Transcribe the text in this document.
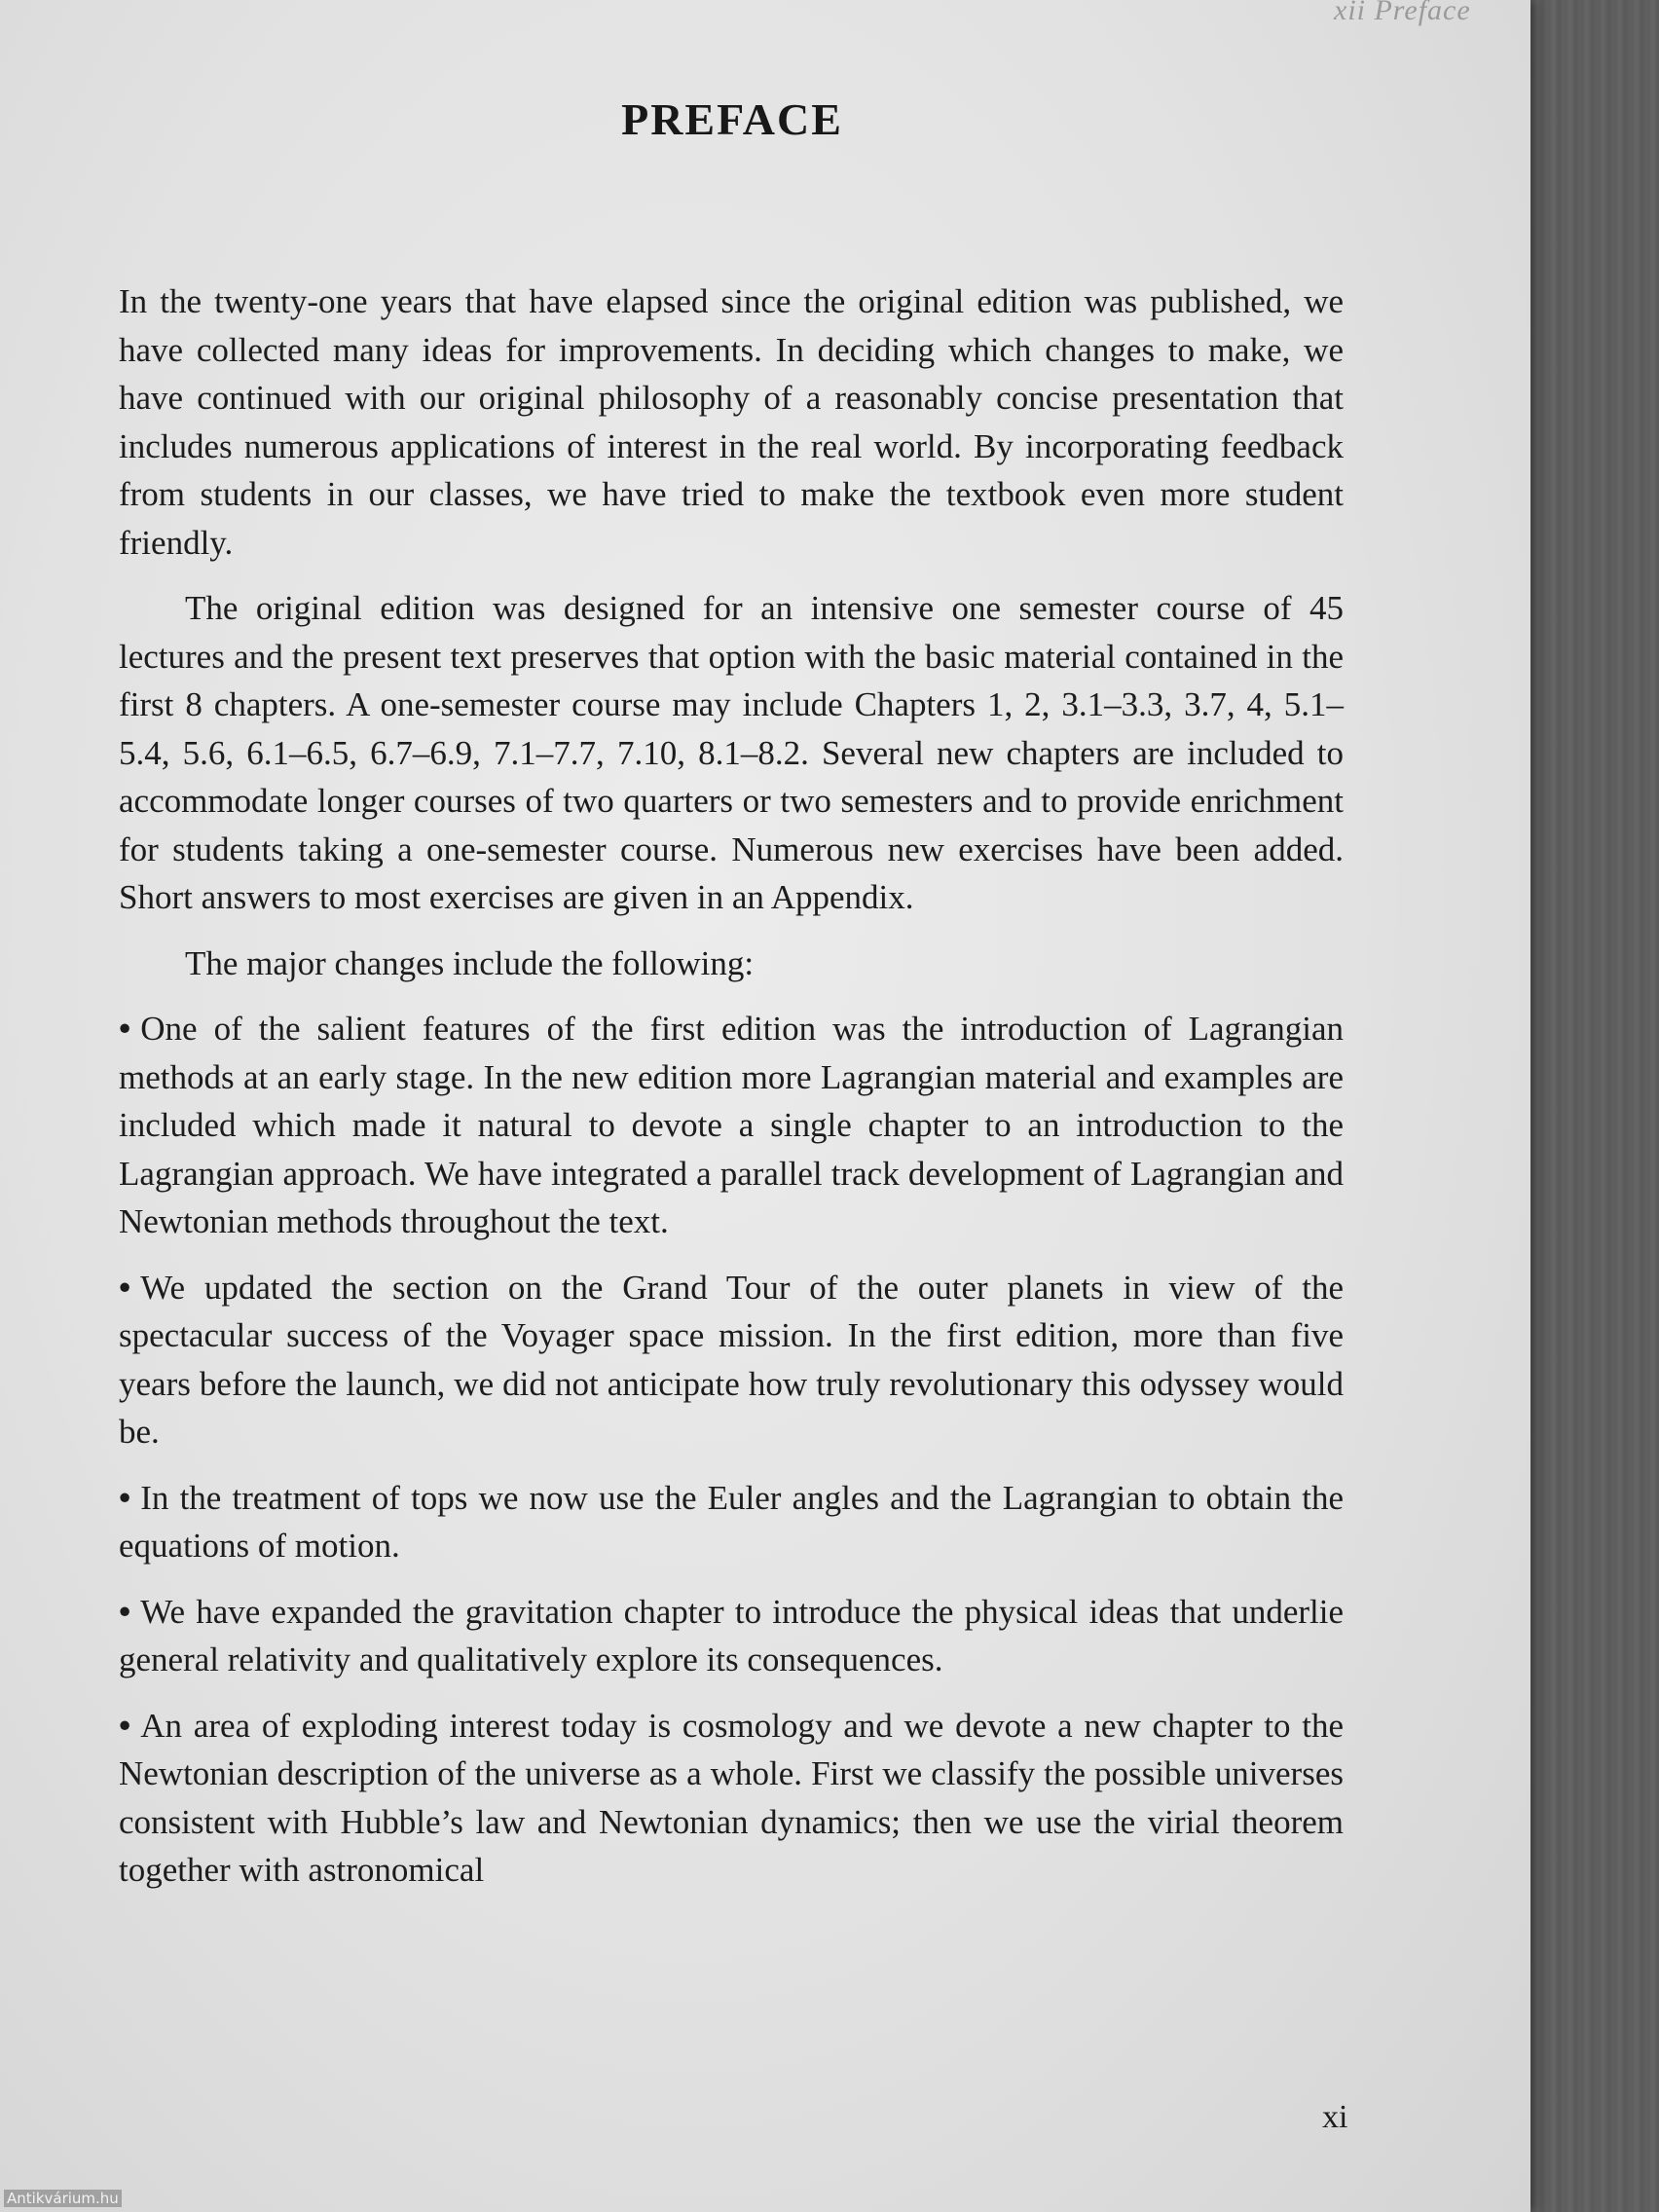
xii Preface
PREFACE

In the twenty-one years that have elapsed since the original edition was published, we have collected many ideas for improvements. In deciding which changes to make, we have continued with our original philosophy of a reasonably concise presentation that includes numerous applications of interest in the real world. By incorporating feedback from students in our classes, we have tried to make the textbook even more student friendly.

The original edition was designed for an intensive one semester course of 45 lectures and the present text preserves that option with the basic material contained in the first 8 chapters. A one-semester course may include Chapters 1, 2, 3.1–3.3, 3.7, 4, 5.1–5.4, 5.6, 6.1–6.5, 6.7–6.9, 7.1–7.7, 7.10, 8.1–8.2. Several new chapters are included to accommodate longer courses of two quarters or two semesters and to provide enrichment for students taking a one-semester course. Numerous new exercises have been added. Short answers to most exercises are given in an Appendix.

The major changes include the following:

• One of the salient features of the first edition was the introduction of Lagrangian methods at an early stage. In the new edition more Lagrangian material and examples are included which made it natural to devote a single chapter to an introduction to the Lagrangian approach. We have integrated a parallel track development of Lagrangian and Newtonian methods throughout the text.

• We updated the section on the Grand Tour of the outer planets in view of the spectacular success of the Voyager space mission. In the first edition, more than five years before the launch, we did not anticipate how truly revolutionary this odyssey would be.

• In the treatment of tops we now use the Euler angles and the Lagrangian to obtain the equations of motion.

• We have expanded the gravitation chapter to introduce the physical ideas that underlie general relativity and qualitatively explore its consequences.

• An area of exploding interest today is cosmology and we devote a new chapter to the Newtonian description of the universe as a whole. First we classify the possible universes consistent with Hubble’s law and Newtonian dynamics; then we use the virial theorem together with astronomical

xi
Antikvárium.hu
